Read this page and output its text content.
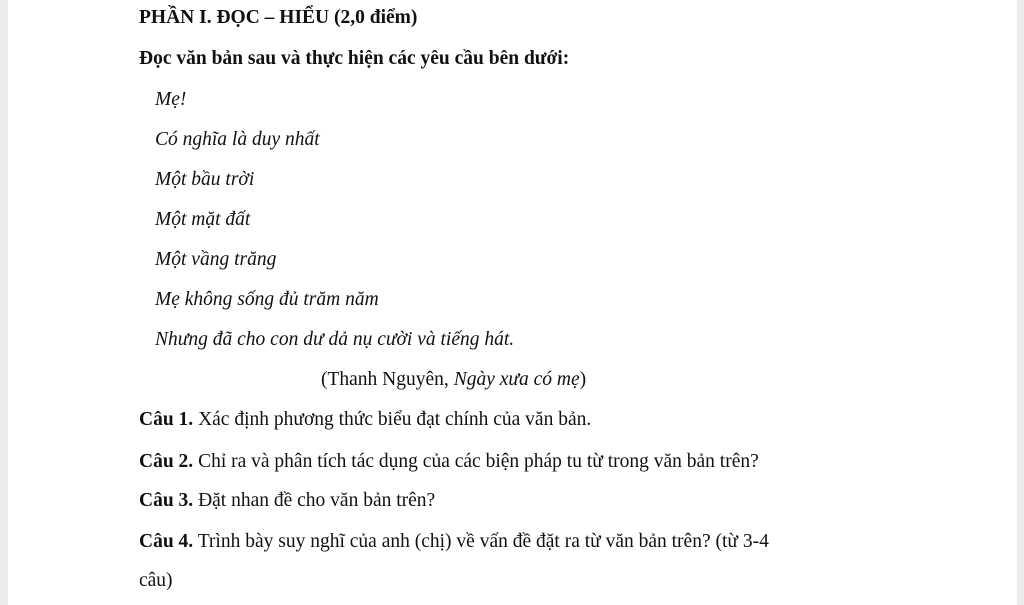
PHẦN I. ĐỌC – HIỂU (2,0 điểm)
Đọc văn bản sau và thực hiện các yêu cầu bên dưới:
Mẹ!
Có nghĩa là duy nhất
Một bầu trời
Một mặt đất
Một vầng trăng
Mẹ không sống đủ trăm năm
Nhưng đã cho con dư dả nụ cười và tiếng hát.
(Thanh Nguyên, Ngày xưa có mẹ)
Câu 1. Xác định phương thức biểu đạt chính của văn bản.
Câu 2. Chỉ ra và phân tích tác dụng của các biện pháp tu từ trong văn bản trên?
Câu 3. Đặt nhan đề cho văn bản trên?
Câu 4. Trình bày suy nghĩ của anh (chị) về vấn đề đặt ra từ văn bản trên? (từ 3-4
câu)
